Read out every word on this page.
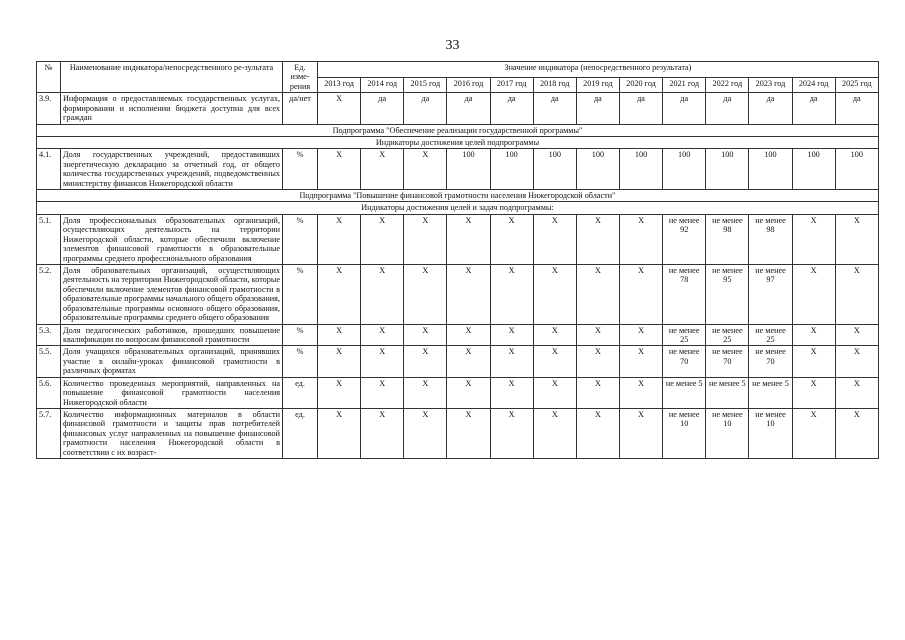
33
№	Наименование индикатора/непосредственного ре-зультата	Ед. изме-рения	Значение индикатора (непосредственного результата)												
			2013 год	2014 год	2015 год	2016 год	2017 год	2018 год	2019 год	2020 год	2021 год	2022 год	2023 год	2024 год	2025 год
3.9.	Информация о предоставляемых государственных услугах, формировании и исполнении бюджета доступна для всех граждан	да/нет	Х	да	да	да	да	да	да	да	да	да	да	да	да
Подпрограмма "Обеспечение реализации государственной программы"															
Индикаторы достижения целей подпрограммы															
4.1.	Доля государственных учреждений, предоставивших энергетическую декларацию за отчетный год, от общего количества государственных учреждений, подведомственных министерству финансов Нижегородской области	%	Х	Х	Х	100	100	100	100	100	100	100	100	100	100
Подпрограмма "Повышение финансовой грамотности населения Нижегородской области"															
Индикаторы достижения целей и задач подпрограммы:															
5.1.	Доля профессиональных образовательных организаций, осуществляющих деятельность на территории Нижегородской области, которые обеспечили включение элементов финансовой грамотности в образовательные программы среднего профессионального образования	%	Х	Х	Х	Х	Х	Х	Х	Х	не менее 92	не менее 98	не менее 98	Х	Х
5.2.	Доля образовательных организаций, осуществляющих деятельность на территории Нижегородской области, которые обеспечили включение элементов финансовой грамотности в образовательные программы начального общего образования, образовательные программы основного общего образования, образовательные программы среднего общего образования	%	Х	Х	Х	Х	Х	Х	Х	Х	не менее 78	не менее 95	не менее 97	Х	Х
5.3.	Доля педагогических работников, прошедших повышение квалификации по вопросам финансовой грамотности	%	Х	Х	Х	Х	Х	Х	Х	Х	не менее 25	не менее 25	не менее 25	Х	Х
5.5.	Доля учащихся образовательных организаций, принявших участие в онлайн-уроках финансовой грамотности в различных форматах	%	Х	Х	Х	Х	Х	Х	Х	Х	не менее 70	не менее 70	не менее 70	Х	Х
5.6.	Количество проведенных мероприятий, направленных на повышение финансовой грамотности населения Нижегородской области	ед.	Х	Х	Х	Х	Х	Х	Х	Х	не менее 5	не менее 5	не менее 5	Х	Х
5.7.	Количество информационных материалов в области финансовой грамотности и защиты прав потребителей финансовых услуг направленных на повышение финансовой грамотности населения Нижегородской области в соответствии с их возраст-	ед.	Х	Х	Х	Х	Х	Х	Х	Х	не менее 10	не менее 10	не менее 10	Х	Х
